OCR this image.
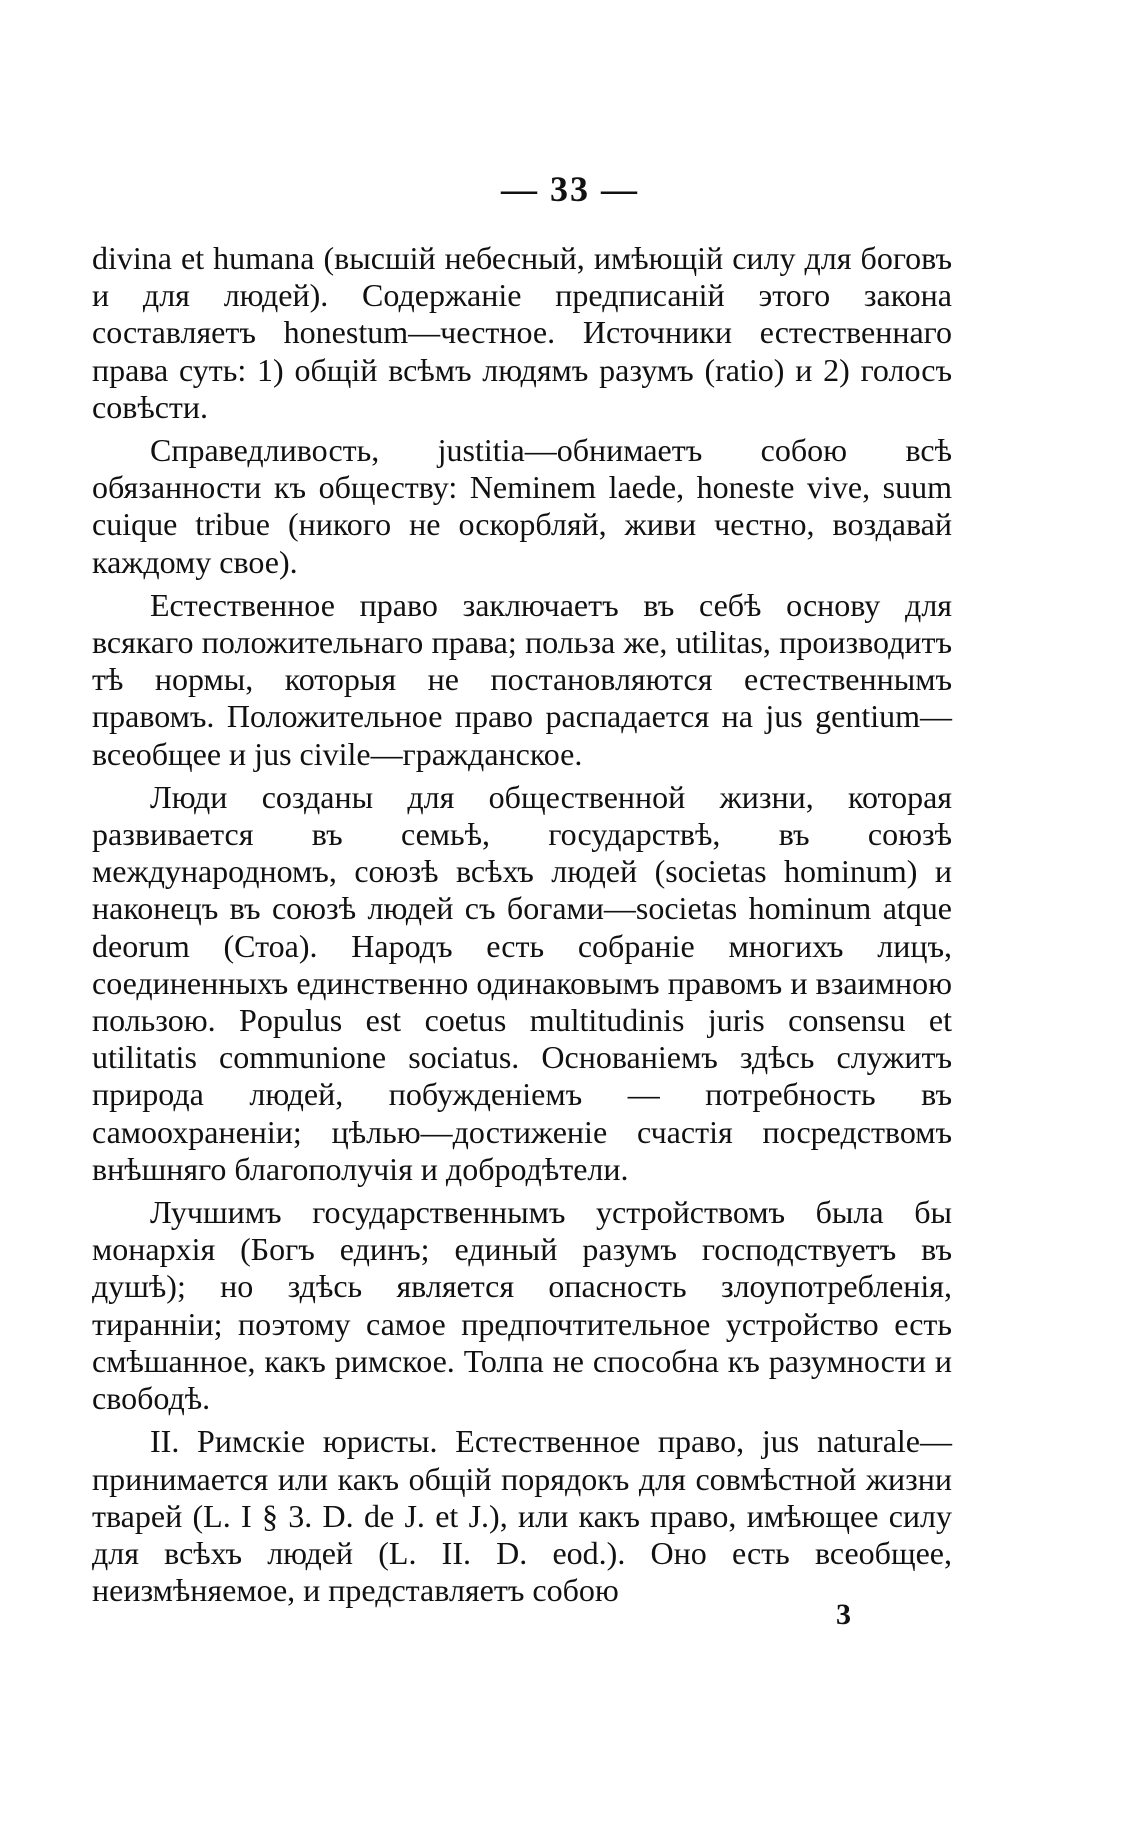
— 33 —

divina et humana (высшій небесный, имѣющій силу для боговъ и для людей). Содержаніе предписаній этого закона составляетъ honestum—честное. Источники естественнаго права суть: 1) общій всѣмъ людямъ разумъ (ratio) и 2) голосъ совѣсти.

Справедливость, justitia—обнимаетъ собою всѣ обязанности къ обществу: Neminem laede, honeste vive, suum cuique tribue (никого не оскорбляй, живи честно, воздавай каждому свое).

Естественное право заключаетъ въ себѣ основу для всякаго положительнаго права; польза же, utilitas, производитъ тѣ нормы, которыя не постановляются естественнымъ правомъ. Положительное право распадается на jus gentium—всеобщее и jus civile—гражданское.

Люди созданы для общественной жизни, которая развивается въ семьѣ, государствѣ, въ союзѣ международномъ, союзѣ всѣхъ людей (societas hominum) и наконецъ въ союзѣ людей съ богами—societas hominum atque deorum (Стоа). Народъ есть собраніе многихъ лицъ, соединенныхъ единственно одинаковымъ правомъ и взаимною пользою. Populus est coetus multitudinis juris consensu et utilitatis communione sociatus. Основаніемъ здѣсь служитъ природа людей, побужденіемъ — потребность въ самоохраненіи; цѣлью—достиженіе счастія посредствомъ внѣшняго благополучія и добродѣтели.

Лучшимъ государственнымъ устройствомъ была бы монархія (Богъ единъ; единый разумъ господствуетъ въ душѣ); но здѣсь является опасность злоупотребленія, тиранніи; поэтому самое предпочтительное устройство есть смѣшанное, какъ римское. Толпа не способна къ разумности и свободѣ.

II. Римскіе юристы. Естественное право, jus naturale—принимается или какъ общій порядокъ для совмѣстной жизни тварей (L. I § 3. D. de J. et J.), или какъ право, имѣющее силу для всѣхъ людей (L. II. D. eod.). Оно есть всеобщее, неизмѣняемое, и представляетъ собою

3
